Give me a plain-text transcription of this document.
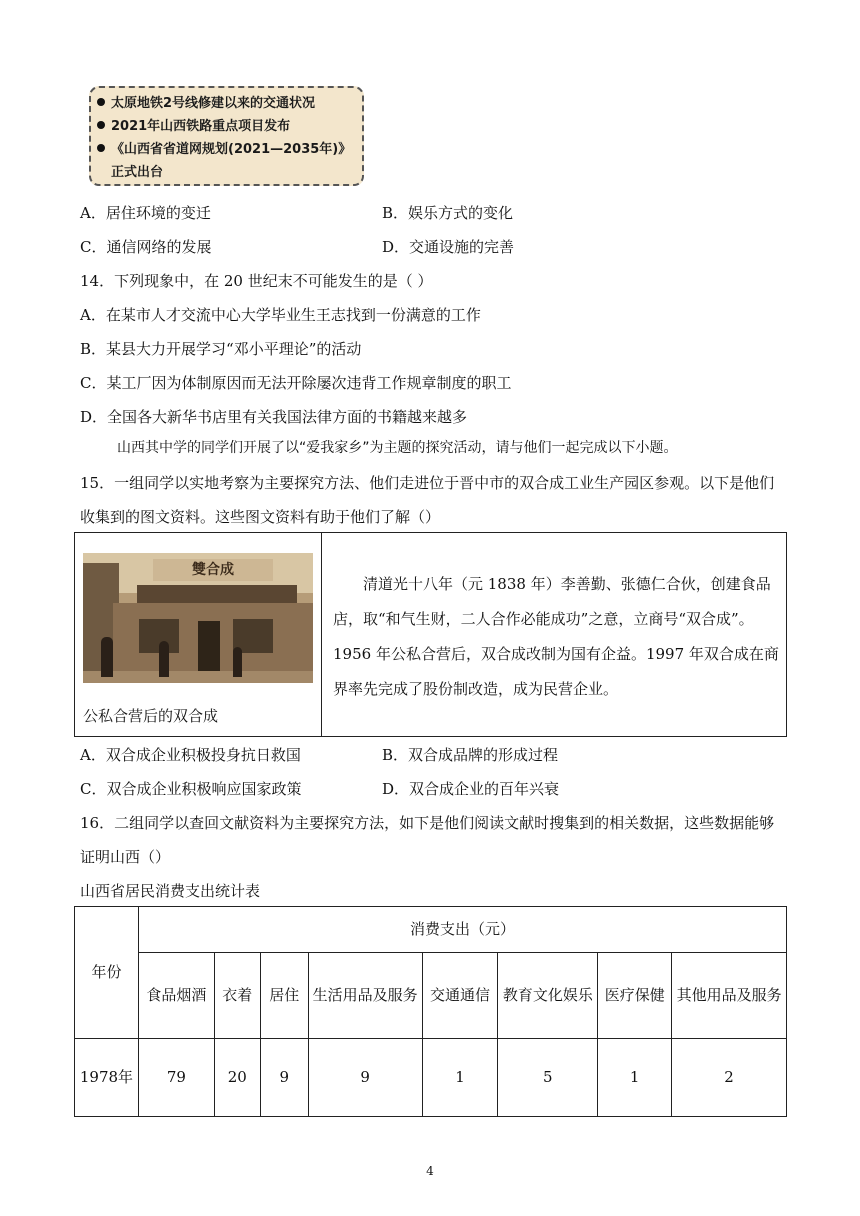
太原地铁2号线修建以来的交通状况
2021年山西铁路重点项目发布
《山西省省道网规划(2021—2035年)》
正式出台
A．居住环境的变迁	B．娱乐方式的变化
C．通信网络的发展	D．交通设施的完善
14．下列现象中，在 20 世纪末不可能发生的是（ ）
A．在某市人才交流中心大学毕业生王志找到一份满意的工作
B．某县大力开展学习“邓小平理论”的活动
C．某工厂因为体制原因而无法开除屡次违背工作规章制度的职工
D．全国各大新华书店里有关我国法律方面的书籍越来越多
山西其中学的同学们开展了以“爱我家乡”为主题的探究活动，请与他们一起完成以下小题。
15．一组同学以实地考察为主要探究方法、他们走进位于晋中市的双合成工业生产园区参观。以下是他们
收集到的图文资料。这些图文资料有助于他们了解（）
雙合成
公私合营后的双合成
清道光十八年（元 1838 年）李善勤、张德仁合伙，创建食品店，取“和气生财，二人合作必能成功”之意，立商号“双合成”。1956 年公私合营后，双合成改制为国有企益。1997 年双合成在商界率先完成了股份制改造，成为民营企业。
A．双合成企业积极投身抗日救国	B．双合成品牌的形成过程
C．双合成企业积极响应国家政策	D．双合成企业的百年兴衰
16．二组同学以查回文献资料为主要探究方法，如下是他们阅读文献时搜集到的相关数据，这些数据能够
证明山西（）
山西省居民消费支出统计表
年份	消费支出（元）							
	食品烟酒	衣着	居住	生活用品及服务	交通通信	教育文化娱乐	医疗保健	其他用品及服务
1978年	79	20	9	9	1	5	1	2
4
